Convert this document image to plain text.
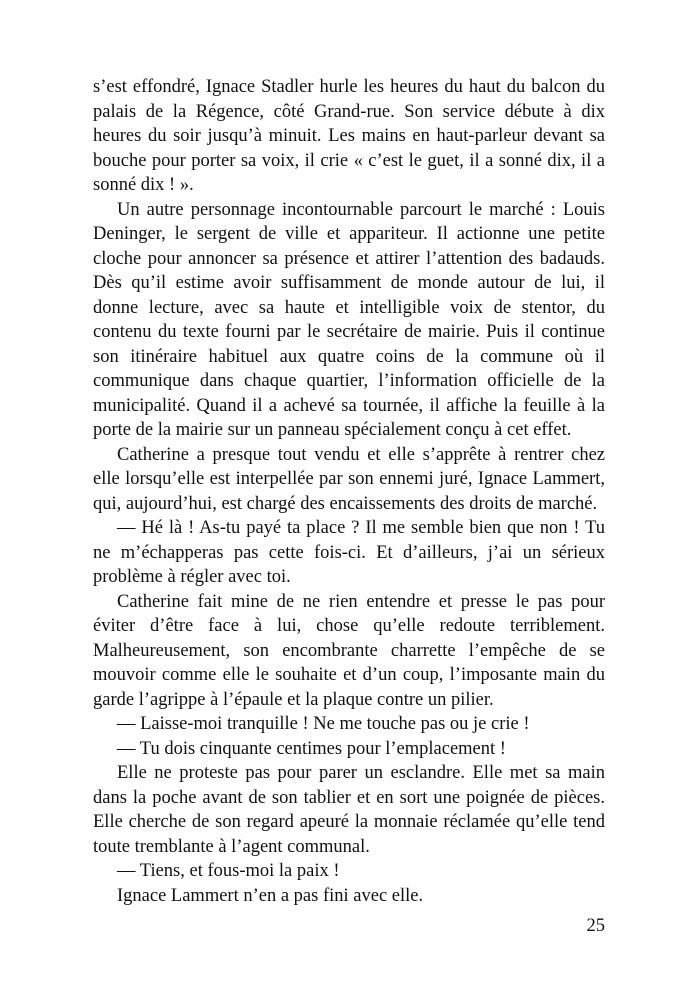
s’est effondré, Ignace Stadler hurle les heures du haut du balcon du palais de la Régence, côté Grand-rue. Son service débute à dix heures du soir jusqu’à minuit. Les mains en haut-parleur devant sa bouche pour porter sa voix, il crie « c’est le guet, il a sonné dix, il a sonné dix ! ».

Un autre personnage incontournable parcourt le marché : Louis Deninger, le sergent de ville et appariteur. Il actionne une petite cloche pour annoncer sa présence et attirer l’attention des badauds. Dès qu’il estime avoir suffisamment de monde autour de lui, il donne lecture, avec sa haute et intelligible voix de stentor, du contenu du texte fourni par le secrétaire de mairie. Puis il continue son itinéraire habituel aux quatre coins de la commune où il communique dans chaque quartier, l’information officielle de la municipalité. Quand il a achevé sa tournée, il affiche la feuille à la porte de la mairie sur un panneau spécialement conçu à cet effet.

Catherine a presque tout vendu et elle s’apprête à rentrer chez elle lorsqu’elle est interpellée par son ennemi juré, Ignace Lammert, qui, aujourd’hui, est chargé des encaissements des droits de marché.

— Hé là ! As-tu payé ta place ? Il me semble bien que non ! Tu ne m’échapperas pas cette fois-ci. Et d’ailleurs, j’ai un sérieux problème à régler avec toi.

Catherine fait mine de ne rien entendre et presse le pas pour éviter d’être face à lui, chose qu’elle redoute terriblement. Malheureusement, son encombrante charrette l’empêche de se mouvoir comme elle le souhaite et d’un coup, l’imposante main du garde l’agrippe à l’épaule et la plaque contre un pilier.

— Laisse-moi tranquille ! Ne me touche pas ou je crie !

— Tu dois cinquante centimes pour l’emplacement !

Elle ne proteste pas pour parer un esclandre. Elle met sa main dans la poche avant de son tablier et en sort une poignée de pièces. Elle cherche de son regard apeuré la monnaie réclamée qu’elle tend toute tremblante à l’agent communal.

— Tiens, et fous-moi la paix !

Ignace Lammert n’en a pas fini avec elle.

25
